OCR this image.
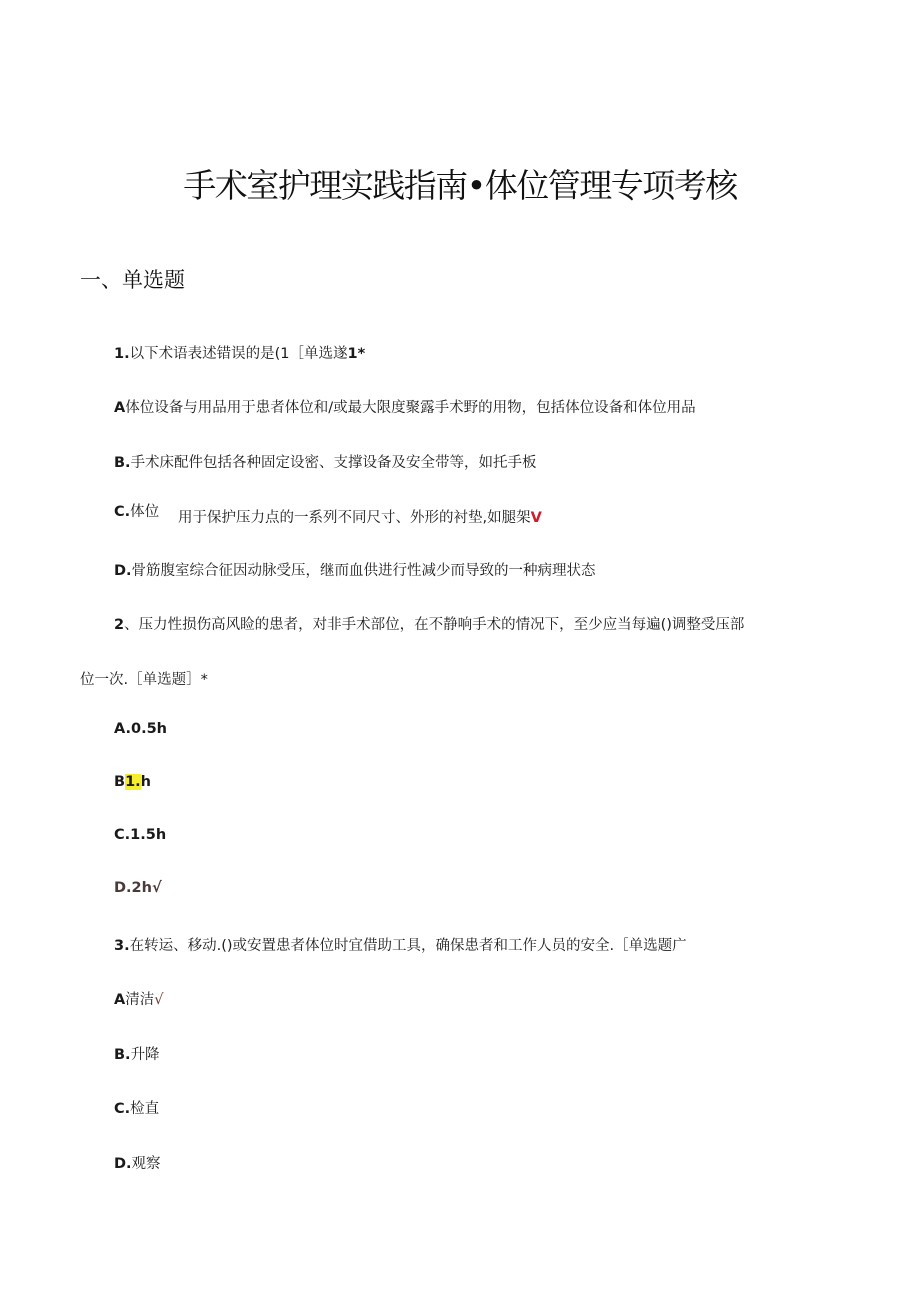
手术室护理实践指南•体位管理专项考核
一、单选题
1.以下术语表述错误的是(1［单选遂1*
A体位设备与用品用于患者体位和/或最大限度聚露手术野的用物，包括体位设备和体位用品
B.手术床配件包括各种固定设密、支撑设备及安全带等，如托手板
C.体位 用于保护压力点的一系列不同尺寸、外形的衬垫,如腿架V
D.骨筋腹室综合征因动脉受压，继而血供进行性减少而导致的一种病理状态
2、压力性损伤高风睑的患者，对非手术部位，在不静响手术的情况下，至少应当每遍()调整受压部
位一次.［单选题］*
A.0.5h
B1.h
C.1.5h
D.2h√
3.在转运、移动.()或安置患者体位时宜借助工具，确保患者和工作人员的安全.［单选题广
A清洁√
B.升降
C.检直
D.观察
